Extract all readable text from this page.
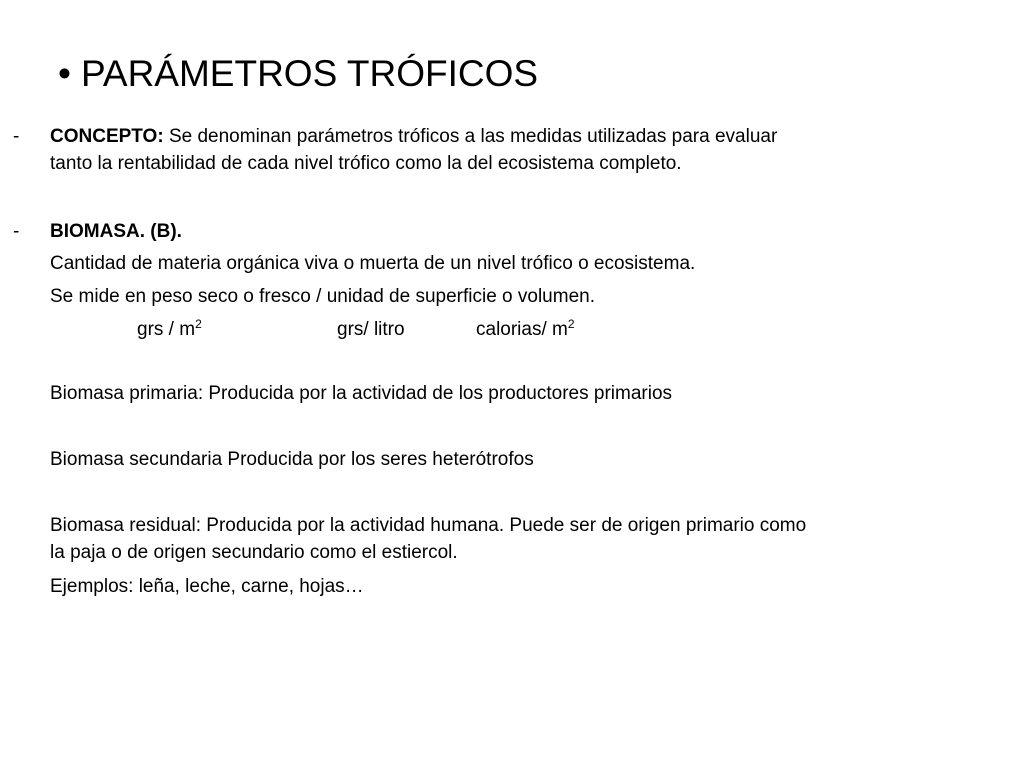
• PARÁMETROS TRÓFICOS
- CONCEPTO: Se denominan parámetros tróficos a las medidas utilizadas para evaluar
tanto la rentabilidad de cada nivel trófico como la del ecosistema completo.
- BIOMASA. (B).
Cantidad de materia orgánica viva o muerta de un nivel trófico o ecosistema.
Se mide en peso seco o fresco / unidad de superficie o volumen.
grs / $m^2$	grs/ litro	calorias/ $m^2$
Biomasa primaria: Producida por la actividad de los productores primarios
Biomasa secundaria Producida por los seres heterótrofos
Biomasa residual: Producida por la actividad humana. Puede ser de origen primario como
la paja o de origen secundario como el estiercol.
Ejemplos: leña, leche, carne, hojas…
